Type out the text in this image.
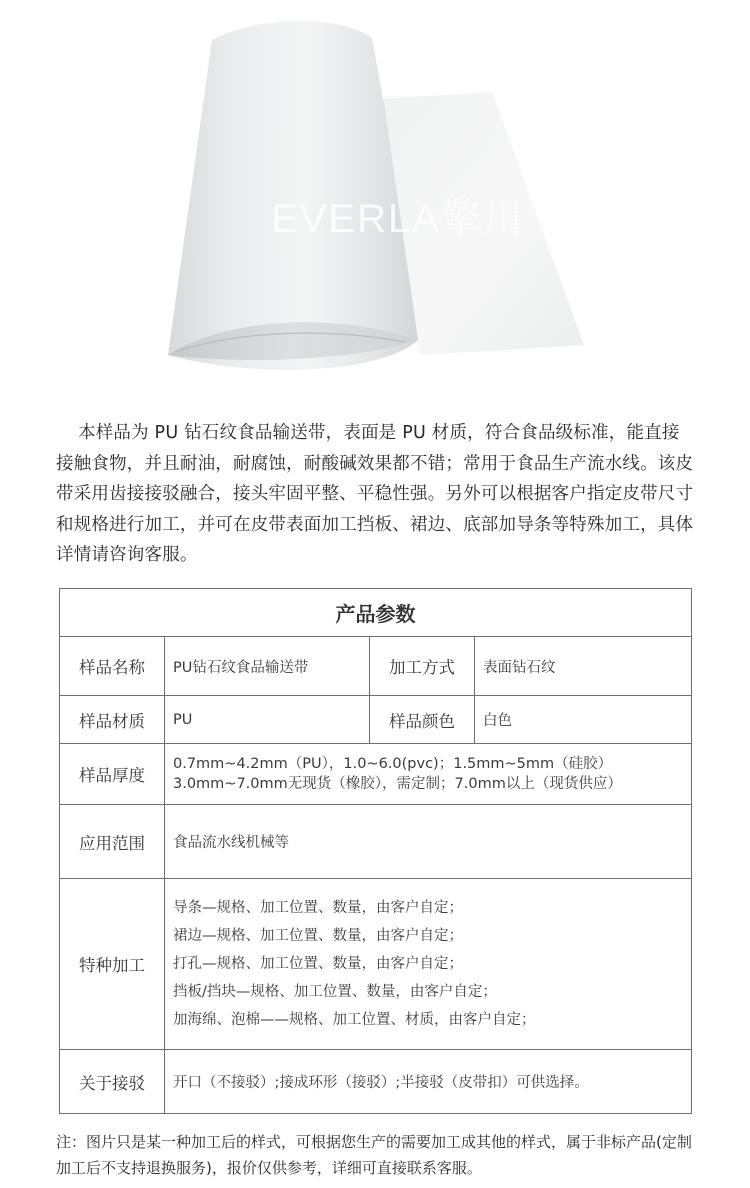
EVERLA擎川

本样品为 PU 钻石纹食品输送带，表面是 PU 材质，符合食品级标准，能直接接触食物，并且耐油，耐腐蚀，耐酸碱效果都不错；常用于食品生产流水线。该皮带采用齿接接驳融合，接头牢固平整、平稳性强。另外可以根据客户指定皮带尺寸和规格进行加工，并可在皮带表面加工挡板、裙边、底部加导条等特殊加工，具体详情请咨询客服。

产品参数			
样品名称	PU钻石纹食品输送带	加工方式	表面钻石纹
样品材质	PU	样品颜色	白色
样品厚度	0.7mm~4.2mm（PU），1.0~6.0(pvc)；1.5mm~5mm（硅胶）
3.0mm~7.0mm无现货（橡胶），需定制；7.0mm以上（现货供应）		

应用范围	食品流水线机械等		
特种加工	导条—规格、加工位置、数量，由客户自定；
裙边—规格、加工位置、数量，由客户自定；
打孔—规格、加工位置、数量，由客户自定；
挡板/挡块—规格、加工位置、数量，由客户自定；
加海绵、泡棉——规格、加工位置、材质，由客户自定；		

关于接驳	开口（不接驳）;接成环形（接驳）;半接驳（皮带扣）可供选择。		

注：图片只是某一种加工后的样式，可根据您生产的需要加工成其他的样式，属于非标产品(定制加工后不支持退换服务)，报价仅供参考，详细可直接联系客服。
